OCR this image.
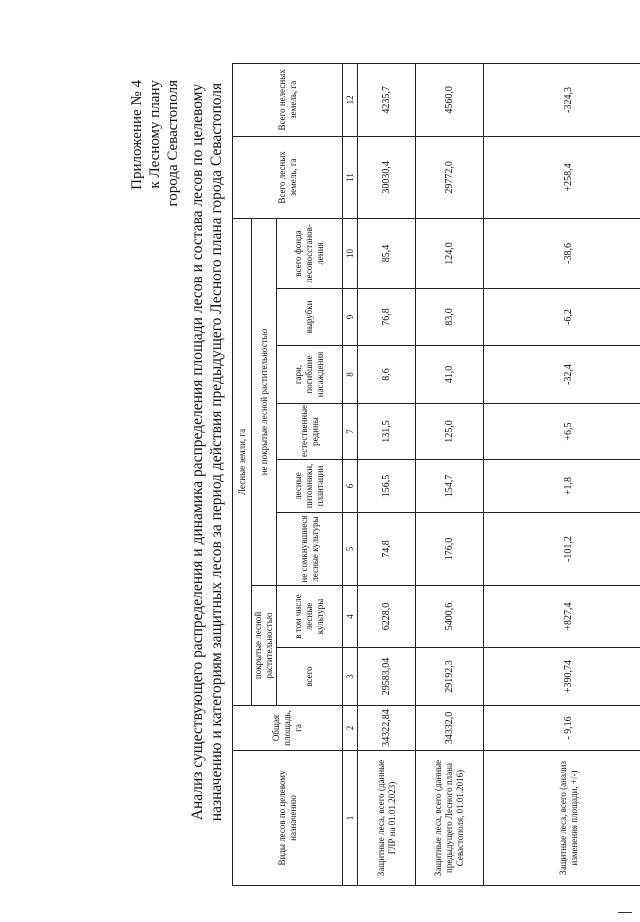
Приложение № 4 к Лесному плану города Севастополя Анализ существующего распределения и динамика распределения площади лесов и состава лесов по целевому назначению и категориям защитных лесов за период действия предыдущего Лесного плана города Севастополя	Виды лесов по целевому назначению	Общая площадь, га	Лесные земли, га								Всего лесных земель, га	Всего нелесных земель, га
		покрытые лесной растительностью		не покрытые лесной растительностью							
		всего	в том числе лесные культуры	не сомкнувшиеся лесные культуры	лесные питомники, плантации	естественные редины	гари, погибшие насаждения	вырубки	всего фонда лесовосстанов-ления		
1	2	3	4	5	6	7	8	9	10	11	12
Защитные леса, всего (данные ГЛР на 01.01.2023)	34322,84	29583,04	6228,0	74,8	156,5	131,5	8,6	76,8	85,4	30030,4	4235,7
Защитные леса, всего (данные предыдущего Лесного плана Севастополя, 01.01.2016)	34332,0	29192,3	5400,6	176,0	154,7	125,0	41,0	83,0	124,0	29772,0	4560,0
Защитные леса, всего (анализ изменения площади, +/-)	- 9,16	+390,74	+827,4	-101,2	+1,8	+6,5	-32,4	-6,2	-38,6	+258,4	-324,3
